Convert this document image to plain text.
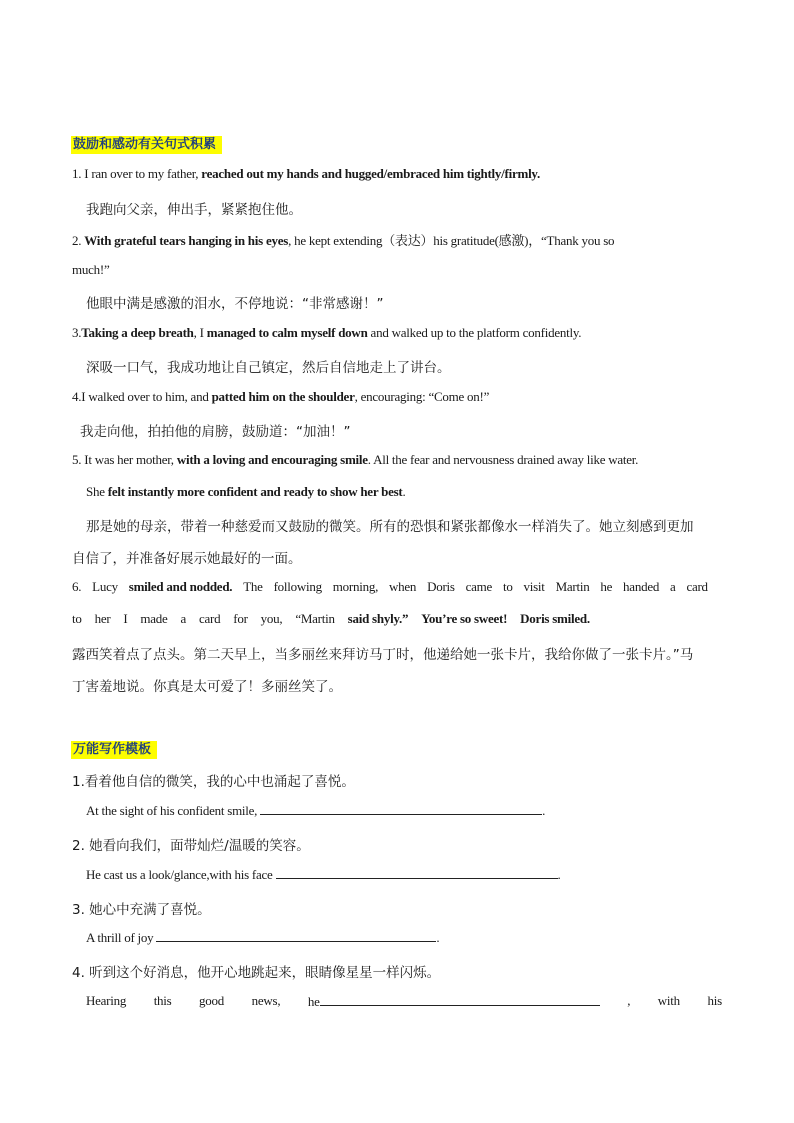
鼓励和感动有关句式积累
1. I ran over to my father, reached out my hands and hugged/embraced him tightly/firmly.
我跑向父亲，伸出手，紧紧抱住他。
2. With grateful tears hanging in his eyes, he kept extending（表达）his gratitude(感激)，“Thank you so
much!”
他眼中满是感激的泪水，不停地说：“非常感谢！”
3.Taking a deep breath, I managed to calm myself down and walked up to the platform confidently.
深吸一口气，我成功地让自己镇定，然后自信地走上了讲台。
4.I walked over to him, and patted him on the shoulder, encouraging: “Come on!”
我走向他，拍拍他的肩膀，鼓励道：“加油！”
5. It was her mother, with a loving and encouraging smile. All the fear and nervousness drained away like water.
She felt instantly more confident and ready to show her best.
那是她的母亲，带着一种慈爱而又鼓励的微笑。所有的恐惧和紧张都像水一样消失了。她立刻感到更加
自信了，并准备好展示她最好的一面。
6. Lucy smiled and nodded. The following morning, when Doris came to visit Martin he handed a card
to her I made a card for you, “Martin said shyly.” You’re so sweet! Doris smiled.
露西笑着点了点头。第二天早上，当多丽丝来拜访马丁时，他递给她一张卡片，我给你做了一张卡片。”马
丁害羞地说。你真是太可爱了！多丽丝笑了。
万能写作模板
1.看着他自信的微笑，我的心中也涌起了喜悦。
At the sight of his confident smile,	.
2. 她看向我们，面带灿烂/温暖的笑容。
He cast us a look/glance,with his face	.
3. 她心中充满了喜悦。
A thrill of joy	.
4. 听到这个好消息，他开心地跳起来，眼睛像星星一样闪烁。
Hearing this good news, he	, with his
